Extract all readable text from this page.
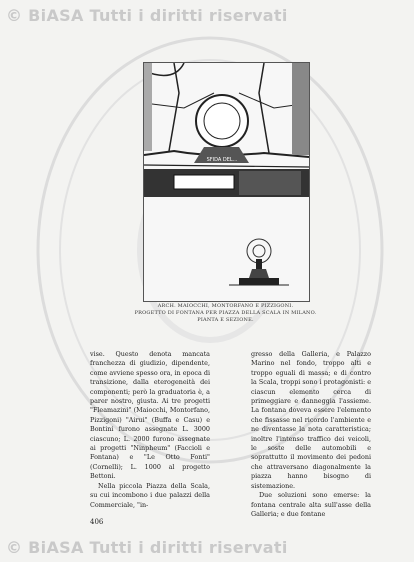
© BiASA Tutti i diritti riservati
SFIDA DEL...
ARCH. MAIOCCHI, MONTORFANO E PIZZIGONI.
PROGETTO DI FONTANA PER PIAZZA DELLA SCALA IN MILANO.
PIANTA E SEZIONE.

vise. Questo denota mancata franchezza di giudizio, dipendente, come avviene spesso ora, in epoca di transizione, dalla eterogeneità dei componenti; però la graduatoria è, a parer nostro, giusta. Ai tre progetti "Fleamazini" (Maiocchi, Montorfano, Pizzigoni) "Airui" (Buffa e Casu) e Bontini furono assegnate L. 3000 ciascuno; L. 2000 furono assegnate ai progetti "Ninpheum" (Faccioli e Fontana) e "Le Otto Fonti" (Cornelli); L. 1000 al progetto Bettoni.

Nella piccola Piazza della Scala, su cui incombono i due palazzi della Commerciale, "in-

gresso della Galleria, e Palazzo Marino nel fondo, troppo alti e troppo eguali di massa; e di contro la Scala, troppi sono i protagonisti: e ciascun elemento cerca di primeggiare e danneggia l'assieme. La fontana doveva essere l'elemento che fissasse nel ricordo l'ambiente e ne diventasse la nota caratteristica; inoltre l'intenso traffico dei veicoli, le soste delle automobili e soprattutto il movimento dei pedoni che attraversano diagonalmente la piazza hanno bisogno di sistemazione.

Due soluzioni sono emerse: la fontana centrale alta sull'asse della Galleria; e due fontane

406
© BiASA Tutti i diritti riservati
